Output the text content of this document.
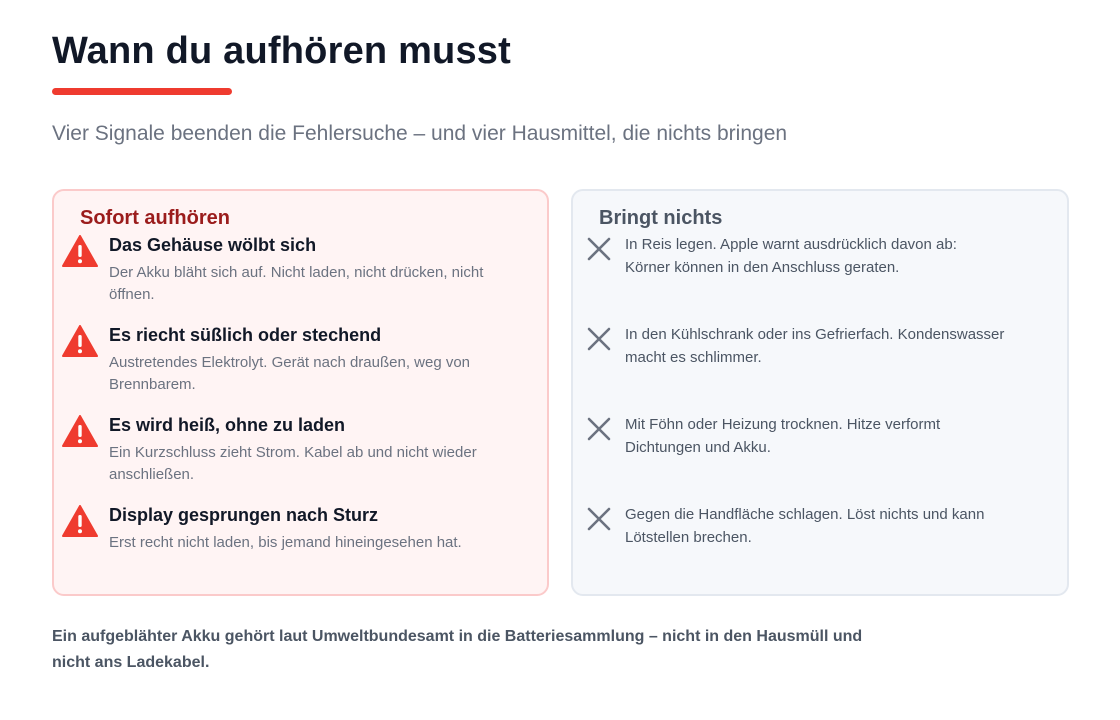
Wann du aufhören musst

Vier Signale beenden die Fehlersuche – und vier Hausmittel, die nichts bringen

Sofort aufhören
Das Gehäuse wölbt sich
Der Akku bläht sich auf. Nicht laden, nicht drücken, nicht öffnen.
Es riecht süßlich oder stechend
Austretendes Elektrolyt. Gerät nach draußen, weg von Brennbarem.
Es wird heiß, ohne zu laden
Ein Kurzschluss zieht Strom. Kabel ab und nicht wieder anschließen.
Display gesprungen nach Sturz
Erst recht nicht laden, bis jemand hineingesehen hat.
Bringt nichts
In Reis legen. Apple warnt ausdrücklich davon ab: Körner können in den Anschluss geraten.
In den Kühlschrank oder ins Gefrierfach. Kondenswasser macht es schlimmer.
Mit Föhn oder Heizung trocknen. Hitze verformt Dichtungen und Akku.
Gegen die Handfläche schlagen. Löst nichts und kann Lötstellen brechen.

Ein aufgeblähter Akku gehört laut Umweltbundesamt in die Batteriesammlung – nicht in den Hausmüll und nicht ans Ladekabel.
